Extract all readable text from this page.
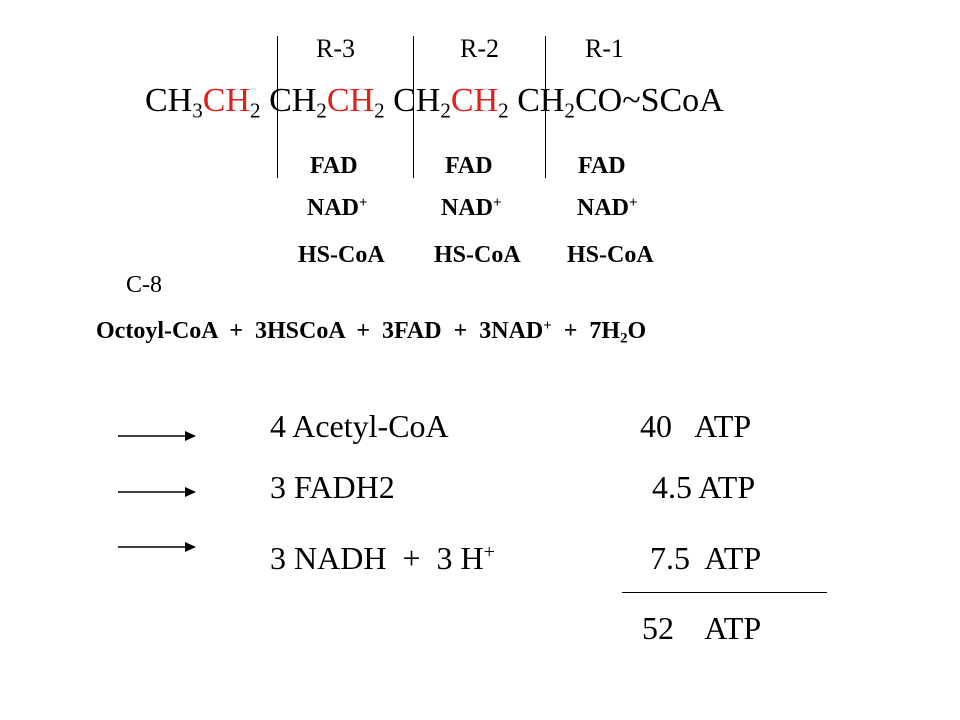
R-3	R-2	R-1
$CH_3CH_2$ $CH_2CH_2$ $CH_2CH_2$ $CH_2CO\sim SCoA$
FAD	FAD	FAD
NAD+	NAD+	NAD+
HS-CoA HS-CoA HS-CoA
C-8
Octoyl-CoA  +  3HSCoA  +  $3FAD + 3NAD^+ + 7H_2O$
4 Acetyl-CoA	40   ATP
3 FADH2	4.5 ATP
3 NADH  +  3 H+	7.5  ATP
52    ATP
